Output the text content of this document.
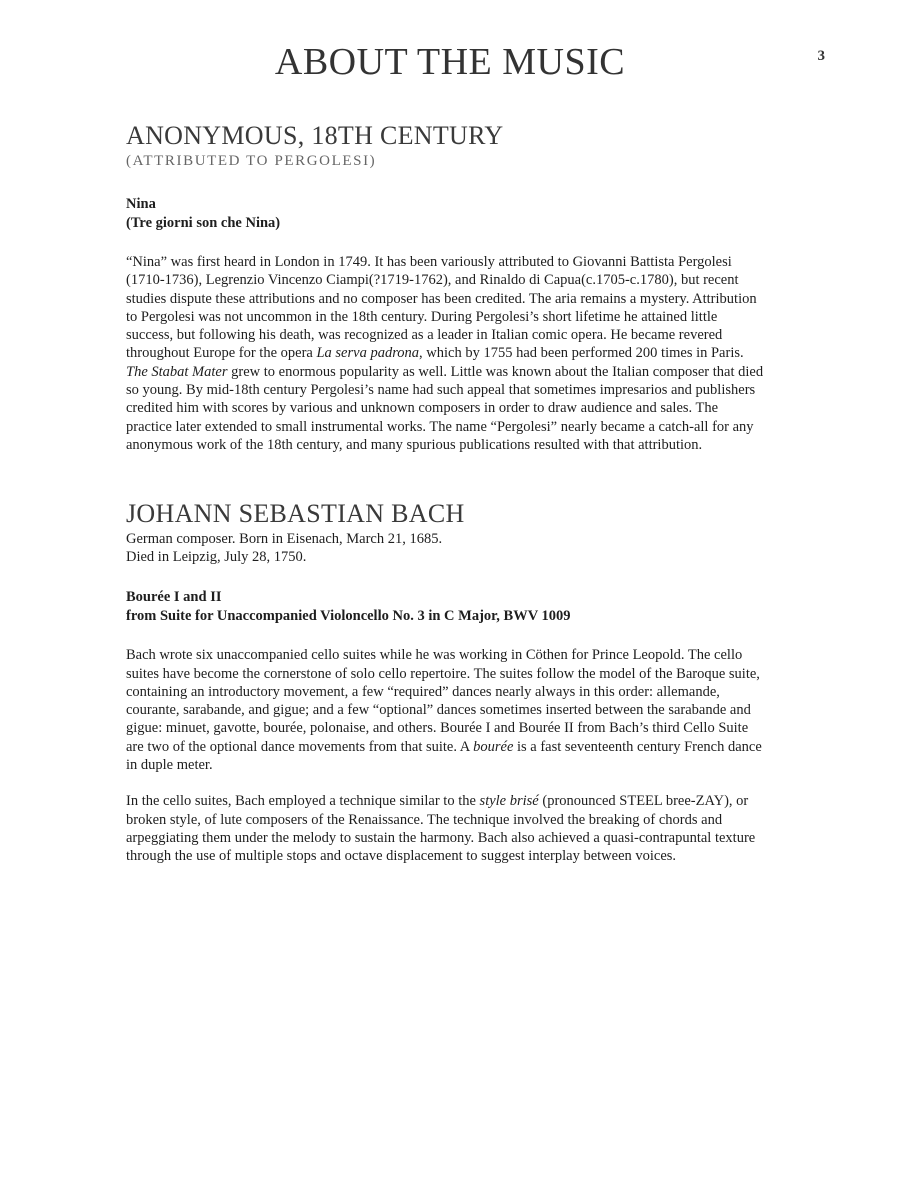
ABOUT THE MUSIC	3
ANONYMOUS, 18TH CENTURY

(ATTRIBUTED TO PERGOLESI)

Nina

(Tre giorni son che Nina)

“Nina” was first heard in London in 1749. It has been variously attributed to Giovanni Battista Pergolesi (1710-1736), Legrenzio Vincenzo Ciampi(?1719-1762), and Rinaldo di Capua(c.1705-c.1780), but recent studies dispute these attributions and no composer has been credited. The aria remains a mystery. Attribution to Pergolesi was not uncommon in the 18th century. During Pergolesi’s short lifetime he attained little success, but following his death, was recognized as a leader in Italian comic opera. He became revered throughout Europe for the opera La serva padrona, which by 1755 had been performed 200 times in Paris. The Stabat Mater grew to enormous popularity as well. Little was known about the Italian composer that died so young. By mid-18th century Pergolesi’s name had such appeal that sometimes impresarios and publishers credited him with scores by various and unknown composers in order to draw audience and sales. The practice later extended to small instrumental works. The name “Pergolesi” nearly became a catch-all for any anonymous work of the 18th century, and many spurious publications resulted with that attribution.

JOHANN SEBASTIAN BACH

German composer. Born in Eisenach, March 21, 1685.

Died in Leipzig, July 28, 1750.

Bourée I and II

from Suite for Unaccompanied Violoncello No. 3 in C Major, BWV 1009

Bach wrote six unaccompanied cello suites while he was working in Cöthen for Prince Leopold. The cello suites have become the cornerstone of solo cello repertoire. The suites follow the model of the Baroque suite, containing an introductory movement, a few “required” dances nearly always in this order: allemande, courante, sarabande, and gigue; and a few “optional” dances sometimes inserted between the sarabande and gigue: minuet, gavotte, bourée, polonaise, and others. Bourée I and Bourée II from Bach’s third Cello Suite are two of the optional dance movements from that suite. A bourée is a fast seventeenth century French dance in duple meter.

In the cello suites, Bach employed a technique similar to the style brisé (pronounced STEEL bree-ZAY), or broken style, of lute composers of the Renaissance. The technique involved the breaking of chords and arpeggiating them under the melody to sustain the harmony. Bach also achieved a quasi-contrapuntal texture through the use of multiple stops and octave displacement to suggest interplay between voices.
